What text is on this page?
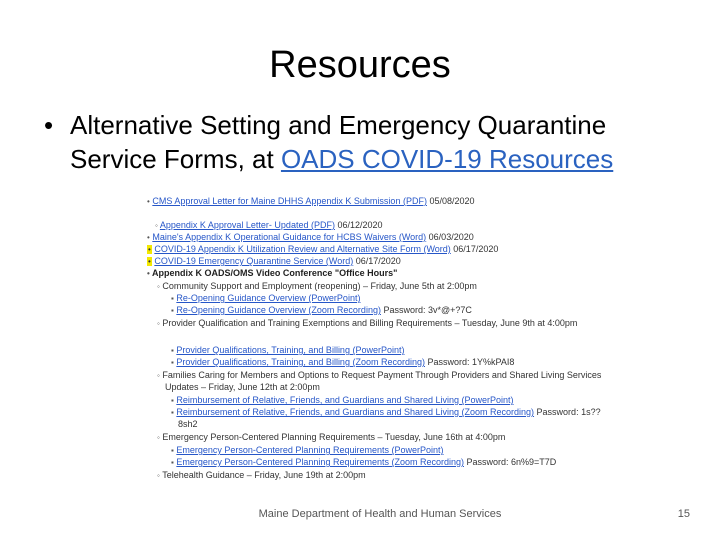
Resources
• Alternative Setting and Emergency Quarantine Service Forms, at OADS COVID-19 Resources
• CMS Approval Letter for Maine DHHS Appendix K Submission (PDF) 05/08/2020
◦ Appendix K Approval Letter- Updated (PDF) 06/12/2020
• Maine's Appendix K Operational Guidance for HCBS Waivers (Word) 06/03/2020
• COVID-19 Appendix K Utilization Review and Alternative Site Form (Word) 06/17/2020
• COVID-19 Emergency Quarantine Service (Word) 06/17/2020
• Appendix K OADS/OMS Video Conference "Office Hours"
◦ Community Support and Employment (reopening) – Friday, June 5th at 2:00pm
▪ Re-Opening Guidance Overview (PowerPoint)
▪ Re-Opening Guidance Overview (Zoom Recording) Password: 3v*@+?7C
◦ Provider Qualification and Training Exemptions and Billing Requirements – Tuesday, June 9th at 4:00pm
▪ Provider Qualifications, Training, and Billing (PowerPoint)
▪ Provider Qualifications, Training, and Billing (Zoom Recording) Password: 1Y%kPAI8
◦ Families Caring for Members and Options to Request Payment Through Providers and Shared Living Services
Updates – Friday, June 12th at 2:00pm
▪ Reimbursement of Relative, Friends, and Guardians and Shared Living (PowerPoint)
▪ Reimbursement of Relative, Friends, and Guardians and Shared Living (Zoom Recording) Password: 1s??
8sh2
◦ Emergency Person-Centered Planning Requirements – Tuesday, June 16th at 4:00pm
▪ Emergency Person-Centered Planning Requirements (PowerPoint)
▪ Emergency Person-Centered Planning Requirements (Zoom Recording) Password: 6n%9=T7D
◦ Telehealth Guidance – Friday, June 19th at 2:00pm
Maine Department of Health and Human Services	15
